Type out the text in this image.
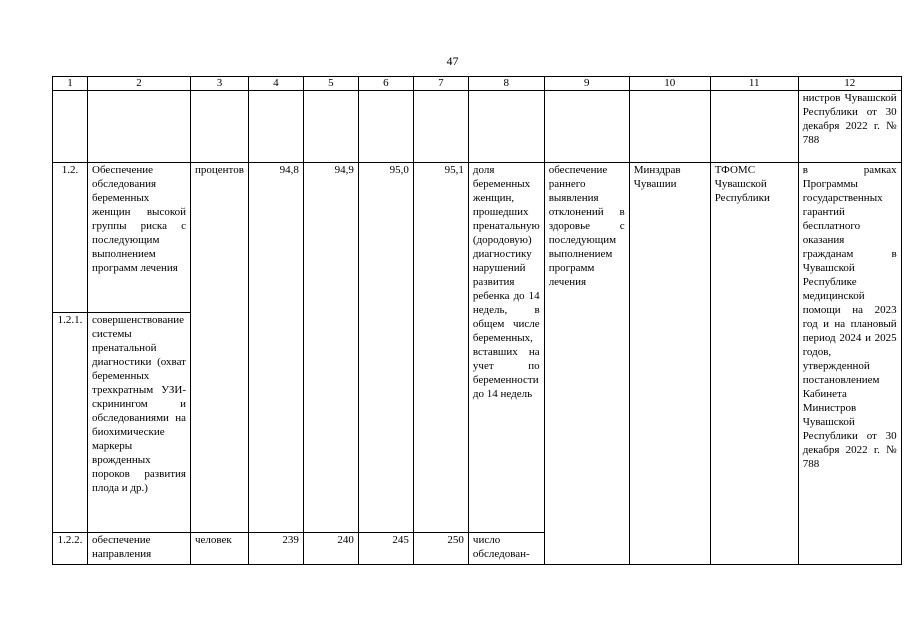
47
1	2	3	4	5	6	7	8	9	10	11	12
											нистров Чувашской Республики от 30 декабря 2022 г. № 788
1.2.	Обеспечение обследования беременных женщин высокой группы риска с последующим выполнением программ лечения	процентов	94,8	94,9	95,0	95,1	доля беременных женщин, прошедших пренатальную (дородовую) диагностику нарушений развития ребенка до 14 недель, в общем числе беременных, вставших на учет по беременности до 14 недель	обеспечение раннего выявления отклонений в здоровье с последующим выполнением программ лечения	Минздрав Чувашии	ТФОМС Чувашской Республики	в рамках Программы государственных гарантий бесплатного оказания гражданам в Чувашской Республике медицинской помощи на 2023 год и на плановый период 2024 и 2025 годов, утвержденной постановлением Кабинета Министров Чувашской Республики от 30 декабря 2022 г. № 788
1.2.1.	совершенствование системы пренатальной диагностики (охват беременных трехкратным УЗИ-скринингом и обследованиями на биохимические маркеры врожденных пороков развития плода и др.)										
1.2.2.	обеспечение направления	человек	239	240	245	250	число обследован-				
